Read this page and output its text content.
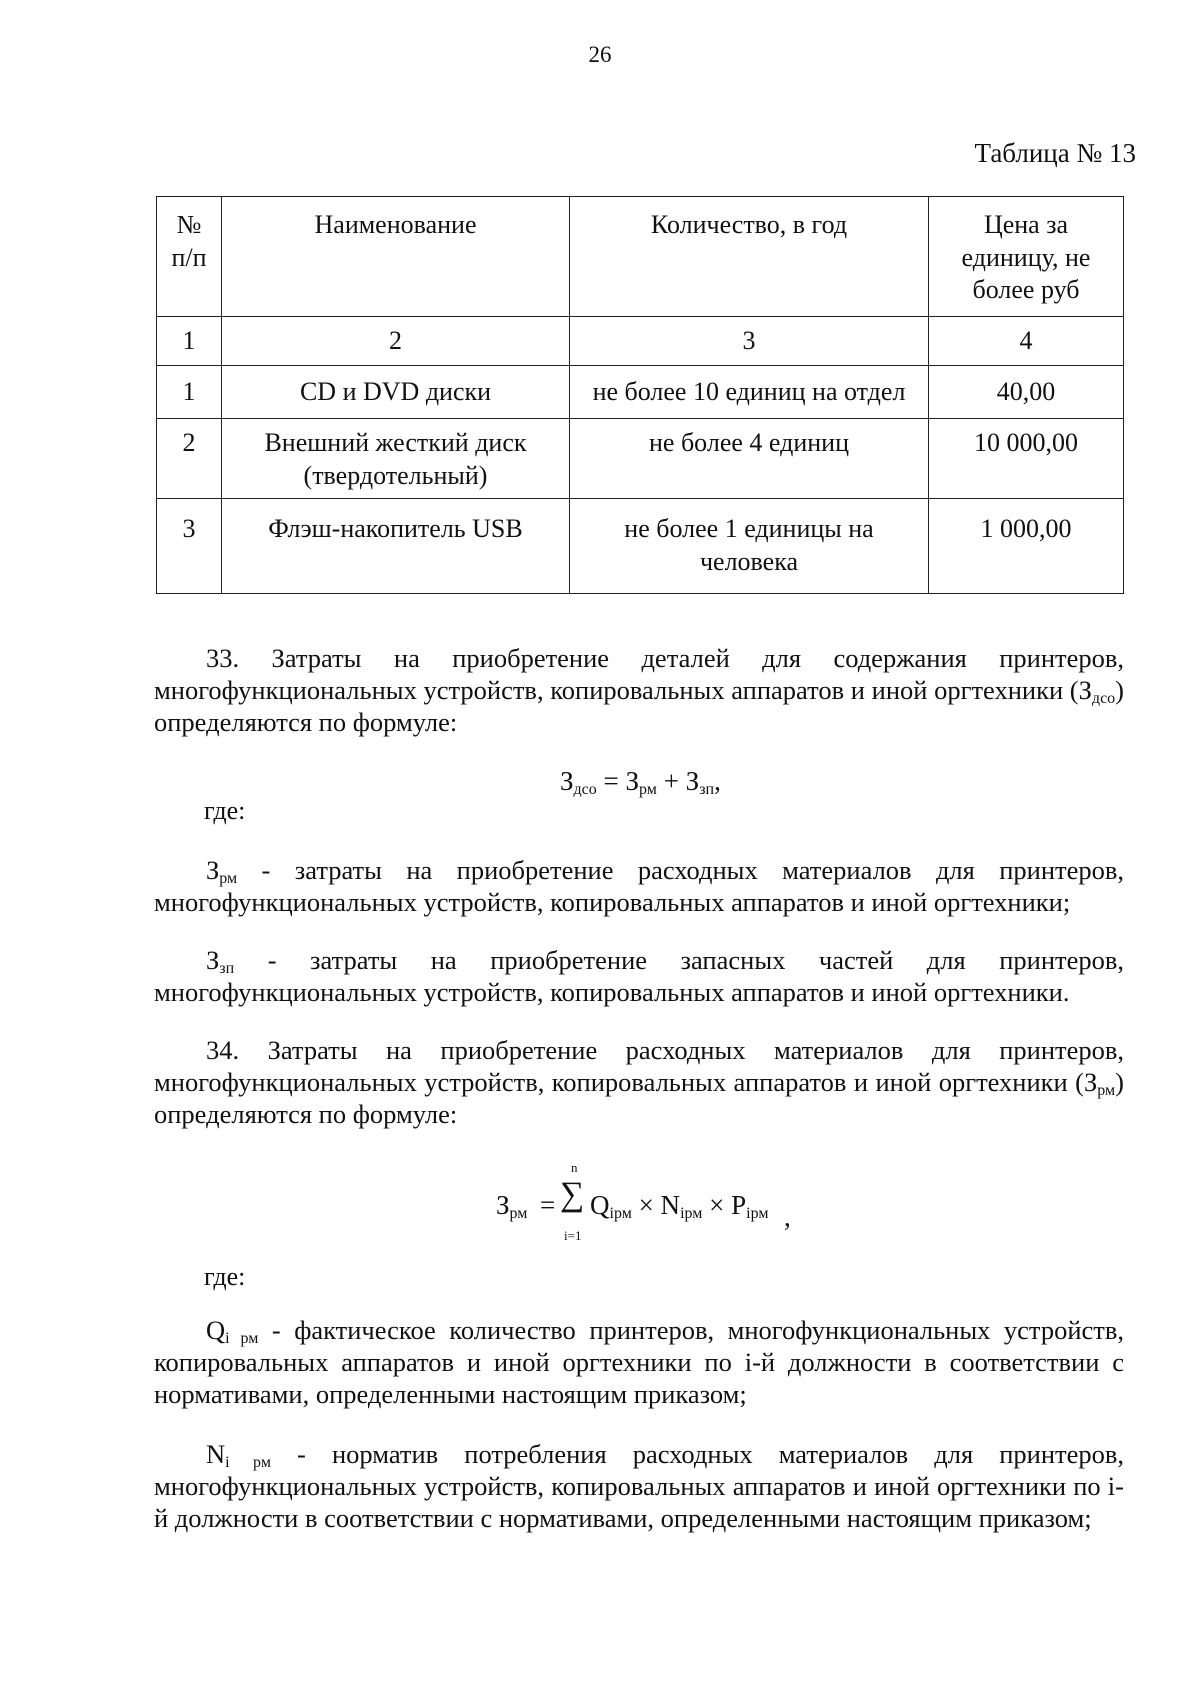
26
Таблица № 13
№ п/п	Наименование	Количество, в год	Цена за единицу, не более руб
1	2	3	4
1	CD и DVD диски	не более 10 единиц на отдел	40,00
2	Внешний жесткий диск (твердотельный)	не более 4 единиц	10 000,00
3	Флэш-накопитель USB	не более 1 единицы на человека	1 000,00
33. Затраты на приобретение деталей для содержания принтеров, многофункциональных устройств, копировальных аппаратов и иной оргтехники $(З_{дсо})$ определяются по формуле:
$З_{дсо} = З_{рм} + З_{зп}$,
где:
$З_{рм}$ - затраты на приобретение расходных материалов для принтеров, многофункциональных устройств, копировальных аппаратов и иной оргтехники;
$З_{зп}$ - затраты на приобретение запасных частей для принтеров, многофункциональных устройств, копировальных аппаратов и иной оргтехники.
34. Затраты на приобретение расходных материалов для принтеров, многофункциональных устройств, копировальных аппаратов и иной оргтехники $(З_{рм})$ определяются по формуле:
$З_{рм}$ =
n
∑
i=1
$Q_{iрм} \times N_{iрм} \times P_{iрм}$ ,
где:
$Q_{i рм}$ - фактическое количество принтеров, многофункциональных устройств, копировальных аппаратов и иной оргтехники по i-й должности в соответствии с нормативами, определенными настоящим приказом;
$N_{i рм}$ - норматив потребления расходных материалов для принтеров, многофункциональных устройств, копировальных аппаратов и иной оргтехники по i-й должности в соответствии с нормативами, определенными настоящим приказом;
